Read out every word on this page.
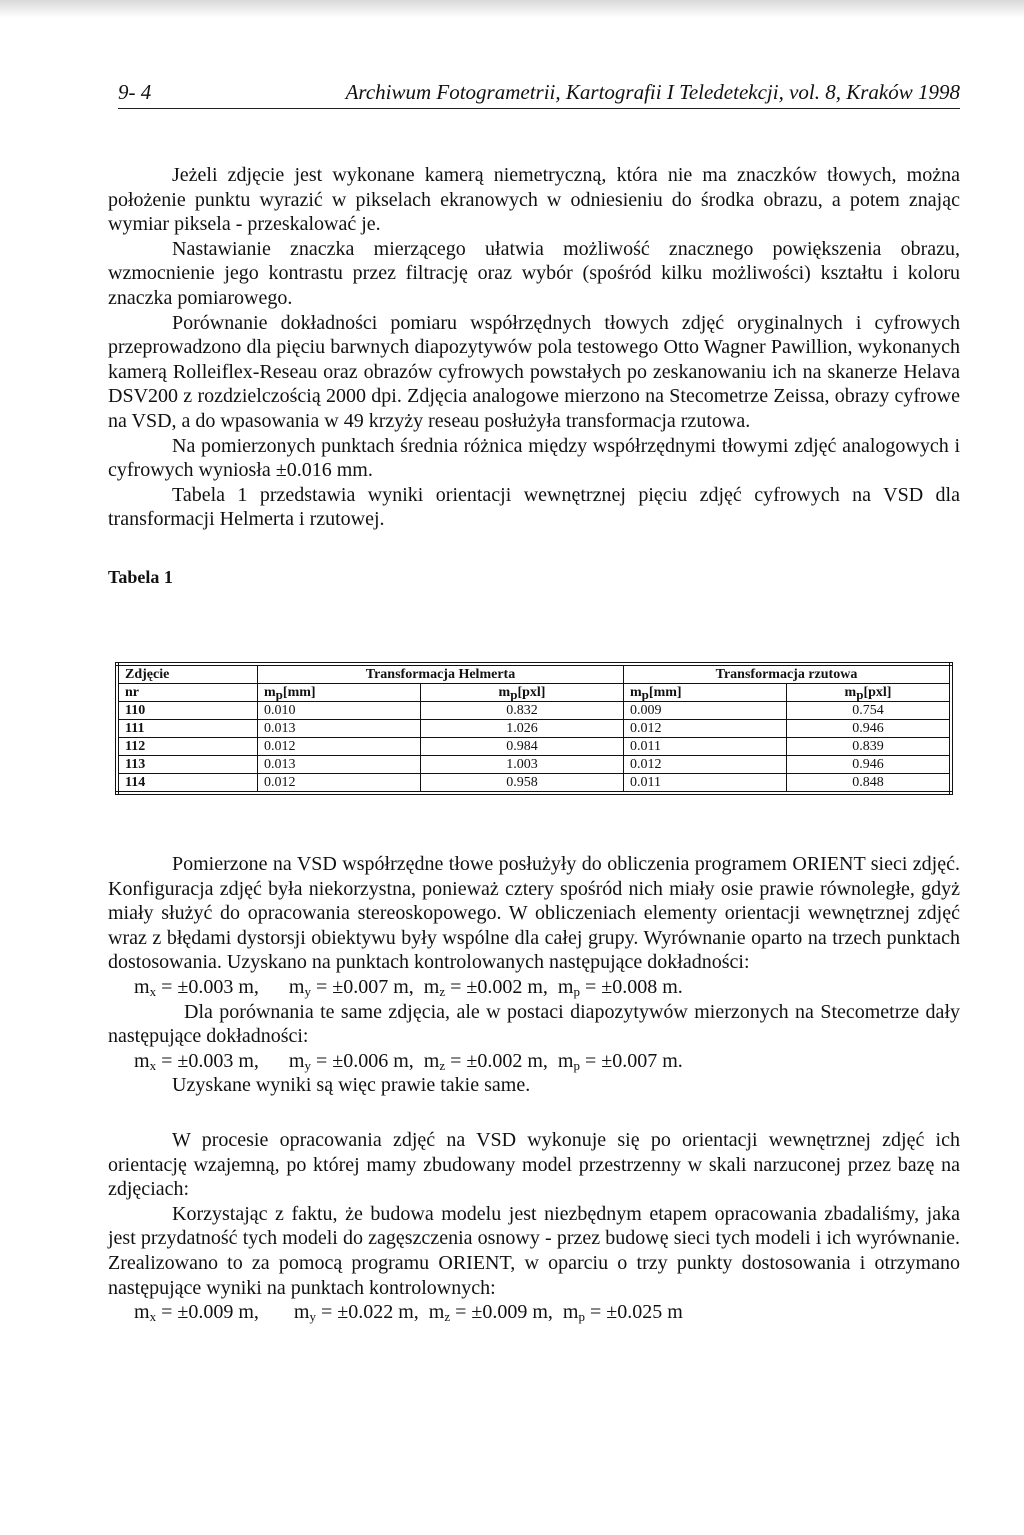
9- 4	Archiwum Fotogrametrii, Kartografii I Teledetekcji, vol. 8, Kraków 1998

Jeżeli zdjęcie jest wykonane kamerą niemetryczną, która nie ma znaczków tłowych, można położenie punktu wyrazić w pikselach ekranowych w odniesieniu do środka obrazu, a potem znając wymiar piksela - przeskalować je.

Nastawianie znaczka mierzącego ułatwia możliwość znacznego powiększenia obrazu, wzmocnienie jego kontrastu przez filtrację oraz wybór (spośród kilku możliwości) kształtu i koloru znaczka pomiarowego.

Porównanie dokładności pomiaru współrzędnych tłowych zdjęć oryginalnych i cyfrowych przeprowadzono dla pięciu barwnych diapozytywów pola testowego Otto Wagner Pawillion, wykonanych kamerą Rolleiflex-Reseau oraz obrazów cyfrowych powstałych po zeskanowaniu ich na skanerze Helava DSV200 z rozdzielczością 2000 dpi. Zdjęcia analogowe mierzono na Stecometrze Zeissa, obrazy cyfrowe na VSD, a do wpasowania w 49 krzyży reseau posłużyła transformacja rzutowa.

Na pomierzonych punktach średnia różnica między współrzędnymi tłowymi zdjęć analogowych i cyfrowych wyniosła ±0.016 mm.

Tabela 1 przedstawia wyniki orientacji wewnętrznej pięciu zdjęć cyfrowych na VSD dla transformacji Helmerta i rzutowej.

Tabela 1

Zdjęcie	Transformacja Helmerta		Transformacja rzutowa	
nr	$m_p[mm]$	$m_p[pxl]$	$m_p[mm]$	$m_p[pxl]$
110	0.010	0.832	0.009	0.754
111	0.013	1.026	0.012	0.946
112	0.012	0.984	0.011	0.839
113	0.013	1.003	0.012	0.946
114	0.012	0.958	0.011	0.848

Pomierzone na VSD współrzędne tłowe posłużyły do obliczenia programem ORIENT sieci zdjęć. Konfiguracja zdjęć była niekorzystna, ponieważ cztery spośród nich miały osie prawie równoległe, gdyż miały służyć do opracowania stereoskopowego. W obliczeniach elementy orientacji wewnętrznej zdjęć wraz z błędami dystorsji obiektywu były wspólne dla całej grupy. Wyrównanie oparto na trzech punktach dostosowania. Uzyskano na punktach kontrolowanych następujące dokładności:

$m_x = \pm 0.003$ m, $m_y = \pm 0.007$ m, $m_z = \pm 0.002$ m, $m_p = \pm 0.008$ m.

Dla porównania te same zdjęcia, ale w postaci diapozytywów mierzonych na Stecometrze dały następujące dokładności:

$m_x = \pm 0.003$ m, $m_y = \pm 0.006$ m, $m_z = \pm 0.002$ m, $m_p = \pm 0.007$ m.

Uzyskane wyniki są więc prawie takie same.

W procesie opracowania zdjęć na VSD wykonuje się po orientacji wewnętrznej zdjęć ich orientację wzajemną, po której mamy zbudowany model przestrzenny w skali narzuconej przez bazę na zdjęciach:

Korzystając z faktu, że budowa modelu jest niezbędnym etapem opracowania zbadaliśmy, jaka jest przydatność tych modeli do zagęszczenia osnowy - przez budowę sieci tych modeli i ich wyrównanie. Zrealizowano to za pomocą programu ORIENT, w oparciu o trzy punkty dostosowania i otrzymano następujące wyniki na punktach kontrolownych:

$m_x = \pm 0.009$ m, $m_y = \pm 0.022$ m, $m_z = \pm 0.009$ m, $m_p = \pm 0.025$ m
